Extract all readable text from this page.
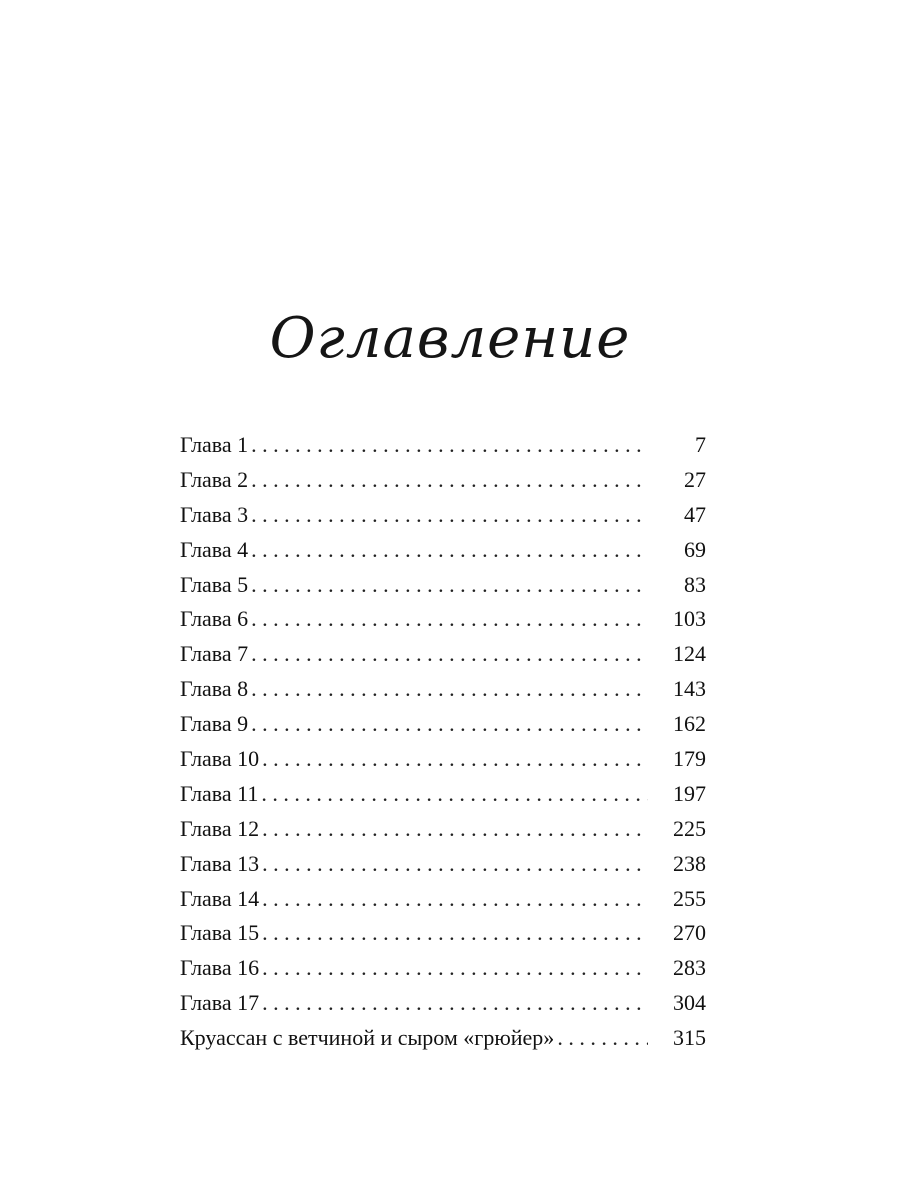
Оглавление
Глава 1 . . .	7
Глава 2 . . .	27
Глава 3 . . .	47
Глава 4 . . .	69
Глава 5 . . .	83
Глава 6 . . .	103
Глава 7 . . .	124
Глава 8 . . .	143
Глава 9 . . .	162
Глава 10 . . .	179
Глава 11 . . .	197
Глава 12 . . .	225
Глава 13 . . .	238
Глава 14 . . .	255
Глава 15 . . .	270
Глава 16 . . .	283
Глава 17 . . .	304
Круассан с ветчиной и сыром «грюйер» . . .	315
